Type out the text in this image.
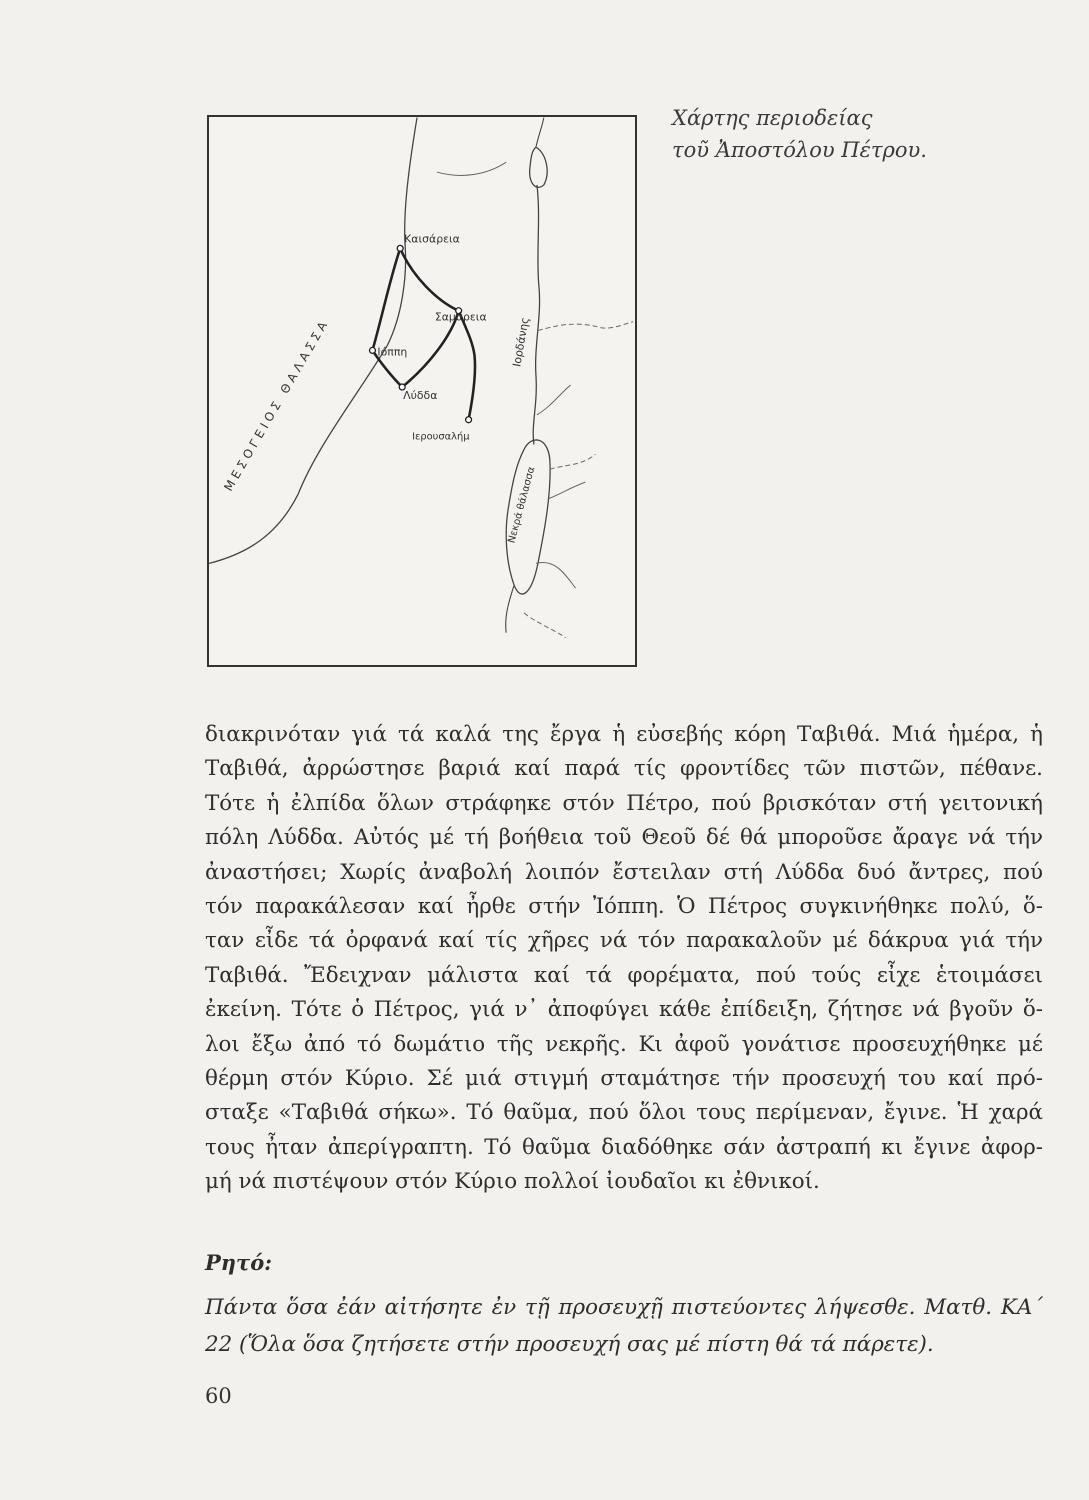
Καισάρεια
Σαμάρεια
Ιόππη
Λύδδα
Ιερουσαλήμ
ΜΕΣΟΓΕΙΟΣ ΘΑΛΑΣΣΑ	Ιορδάνης
Νεκρά θάλασσα
Χάρτης περιοδείας
τοῦ Ἀποστόλου Πέτρου.
διακρινόταν γιά τά καλά της ἔργα ἡ εὐσεβής κόρη Ταβιθά. Μιά ἡμέρα, ἡ
Ταβιθά, ἀρρώστησε βαριά καί παρά τίς φροντίδες τῶν πιστῶν, πέθανε.
Τότε ἡ ἐλπίδα ὅλων στράφηκε στόν Πέτρο, πού βρισκόταν στή γειτονική
πόλη Λύδδα. Αὐτός μέ τή βοήθεια τοῦ Θεοῦ δέ θά μποροῦσε ἄραγε νά τήν
ἀναστήσει; Χωρίς ἀναβολή λοιπόν ἔστειλαν στή Λύδδα δυό ἄντρες, πού
τόν παρακάλεσαν καί ἦρθε στήν Ἰόππη. Ὁ Πέτρος συγκινήθηκε πολύ, ὅ-
ταν εἶδε τά ὀρφανά καί τίς χῆρες νά τόν παρακαλοῦν μέ δάκρυα γιά τήν
Ταβιθά. Ἔδειχναν μάλιστα καί τά φορέματα, πού τούς εἶχε ἑτοιμάσει
ἐκείνη. Τότε ὁ Πέτρος, γιά ν᾽ ἀποφύγει κάθε ἐπίδειξη, ζήτησε νά βγοῦν ὅ-
λοι ἔξω ἀπό τό δωμάτιο τῆς νεκρῆς. Κι ἀφοῦ γονάτισε προσευχήθηκε μέ
θέρμη στόν Κύριο. Σέ μιά στιγμή σταμάτησε τήν προσευχή του καί πρό-
σταξε «Ταβιθά σήκω». Τό θαῦμα, πού ὅλοι τους περίμεναν, ἔγινε. Ἡ χαρά
τους ἦταν ἀπερίγραπτη. Τό θαῦμα διαδόθηκε σάν ἀστραπή κι ἔγινε ἀφορ-
μή νά πιστέψουν στόν Κύριο πολλοί ἰουδαῖοι κι ἐθνικοί.
Ρητό:
Πάντα ὅσα ἐάν αἰτήσητε ἐν τῇ προσευχῇ πιστεύοντες λήψεσθε. Ματθ. ΚΑ΄
22 (Ὅλα ὅσα ζητήσετε στήν προσευχή σας μέ πίστη θά τά πάρετε).
60
